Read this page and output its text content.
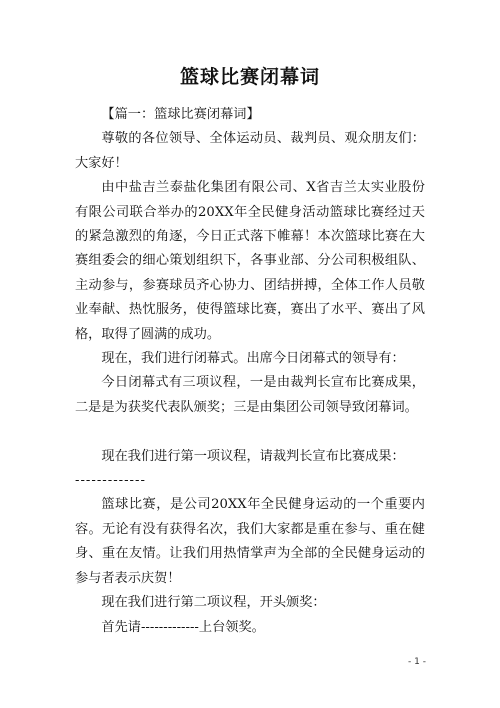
篮球比赛闭幕词

【篇一：篮球比赛闭幕词】

尊敬的各位领导、全体运动员、裁判员、观众朋友们：大家好！

由中盐吉兰泰盐化集团有限公司、X省吉兰太实业股份有限公司联合举办的20XX年全民健身活动篮球比赛经过天的紧急激烈的角逐，今日正式落下帷幕！本次篮球比赛在大赛组委会的细心策划组织下，各事业部、分公司积极组队、主动参与，参赛球员齐心协力、团结拼搏，全体工作人员敬业奉献、热忱服务，使得篮球比赛，赛出了水平、赛出了风格，取得了圆满的成功。

现在，我们进行闭幕式。出席今日闭幕式的领导有：

今日闭幕式有三项议程，一是由裁判长宣布比赛成果，二是是为获奖代表队颁奖；三是由集团公司领导致闭幕词。

现在我们进行第一项议程，请裁判长宣布比赛成果：

-------------

篮球比赛，是公司20XX年全民健身运动的一个重要内容。无论有没有获得名次，我们大家都是重在参与、重在健身、重在友情。让我们用热情掌声为全部的全民健身运动的参与者表示庆贺！

现在我们进行第二项议程，开头颁奖：

首先请-------------上台领奖。

- 1 -
